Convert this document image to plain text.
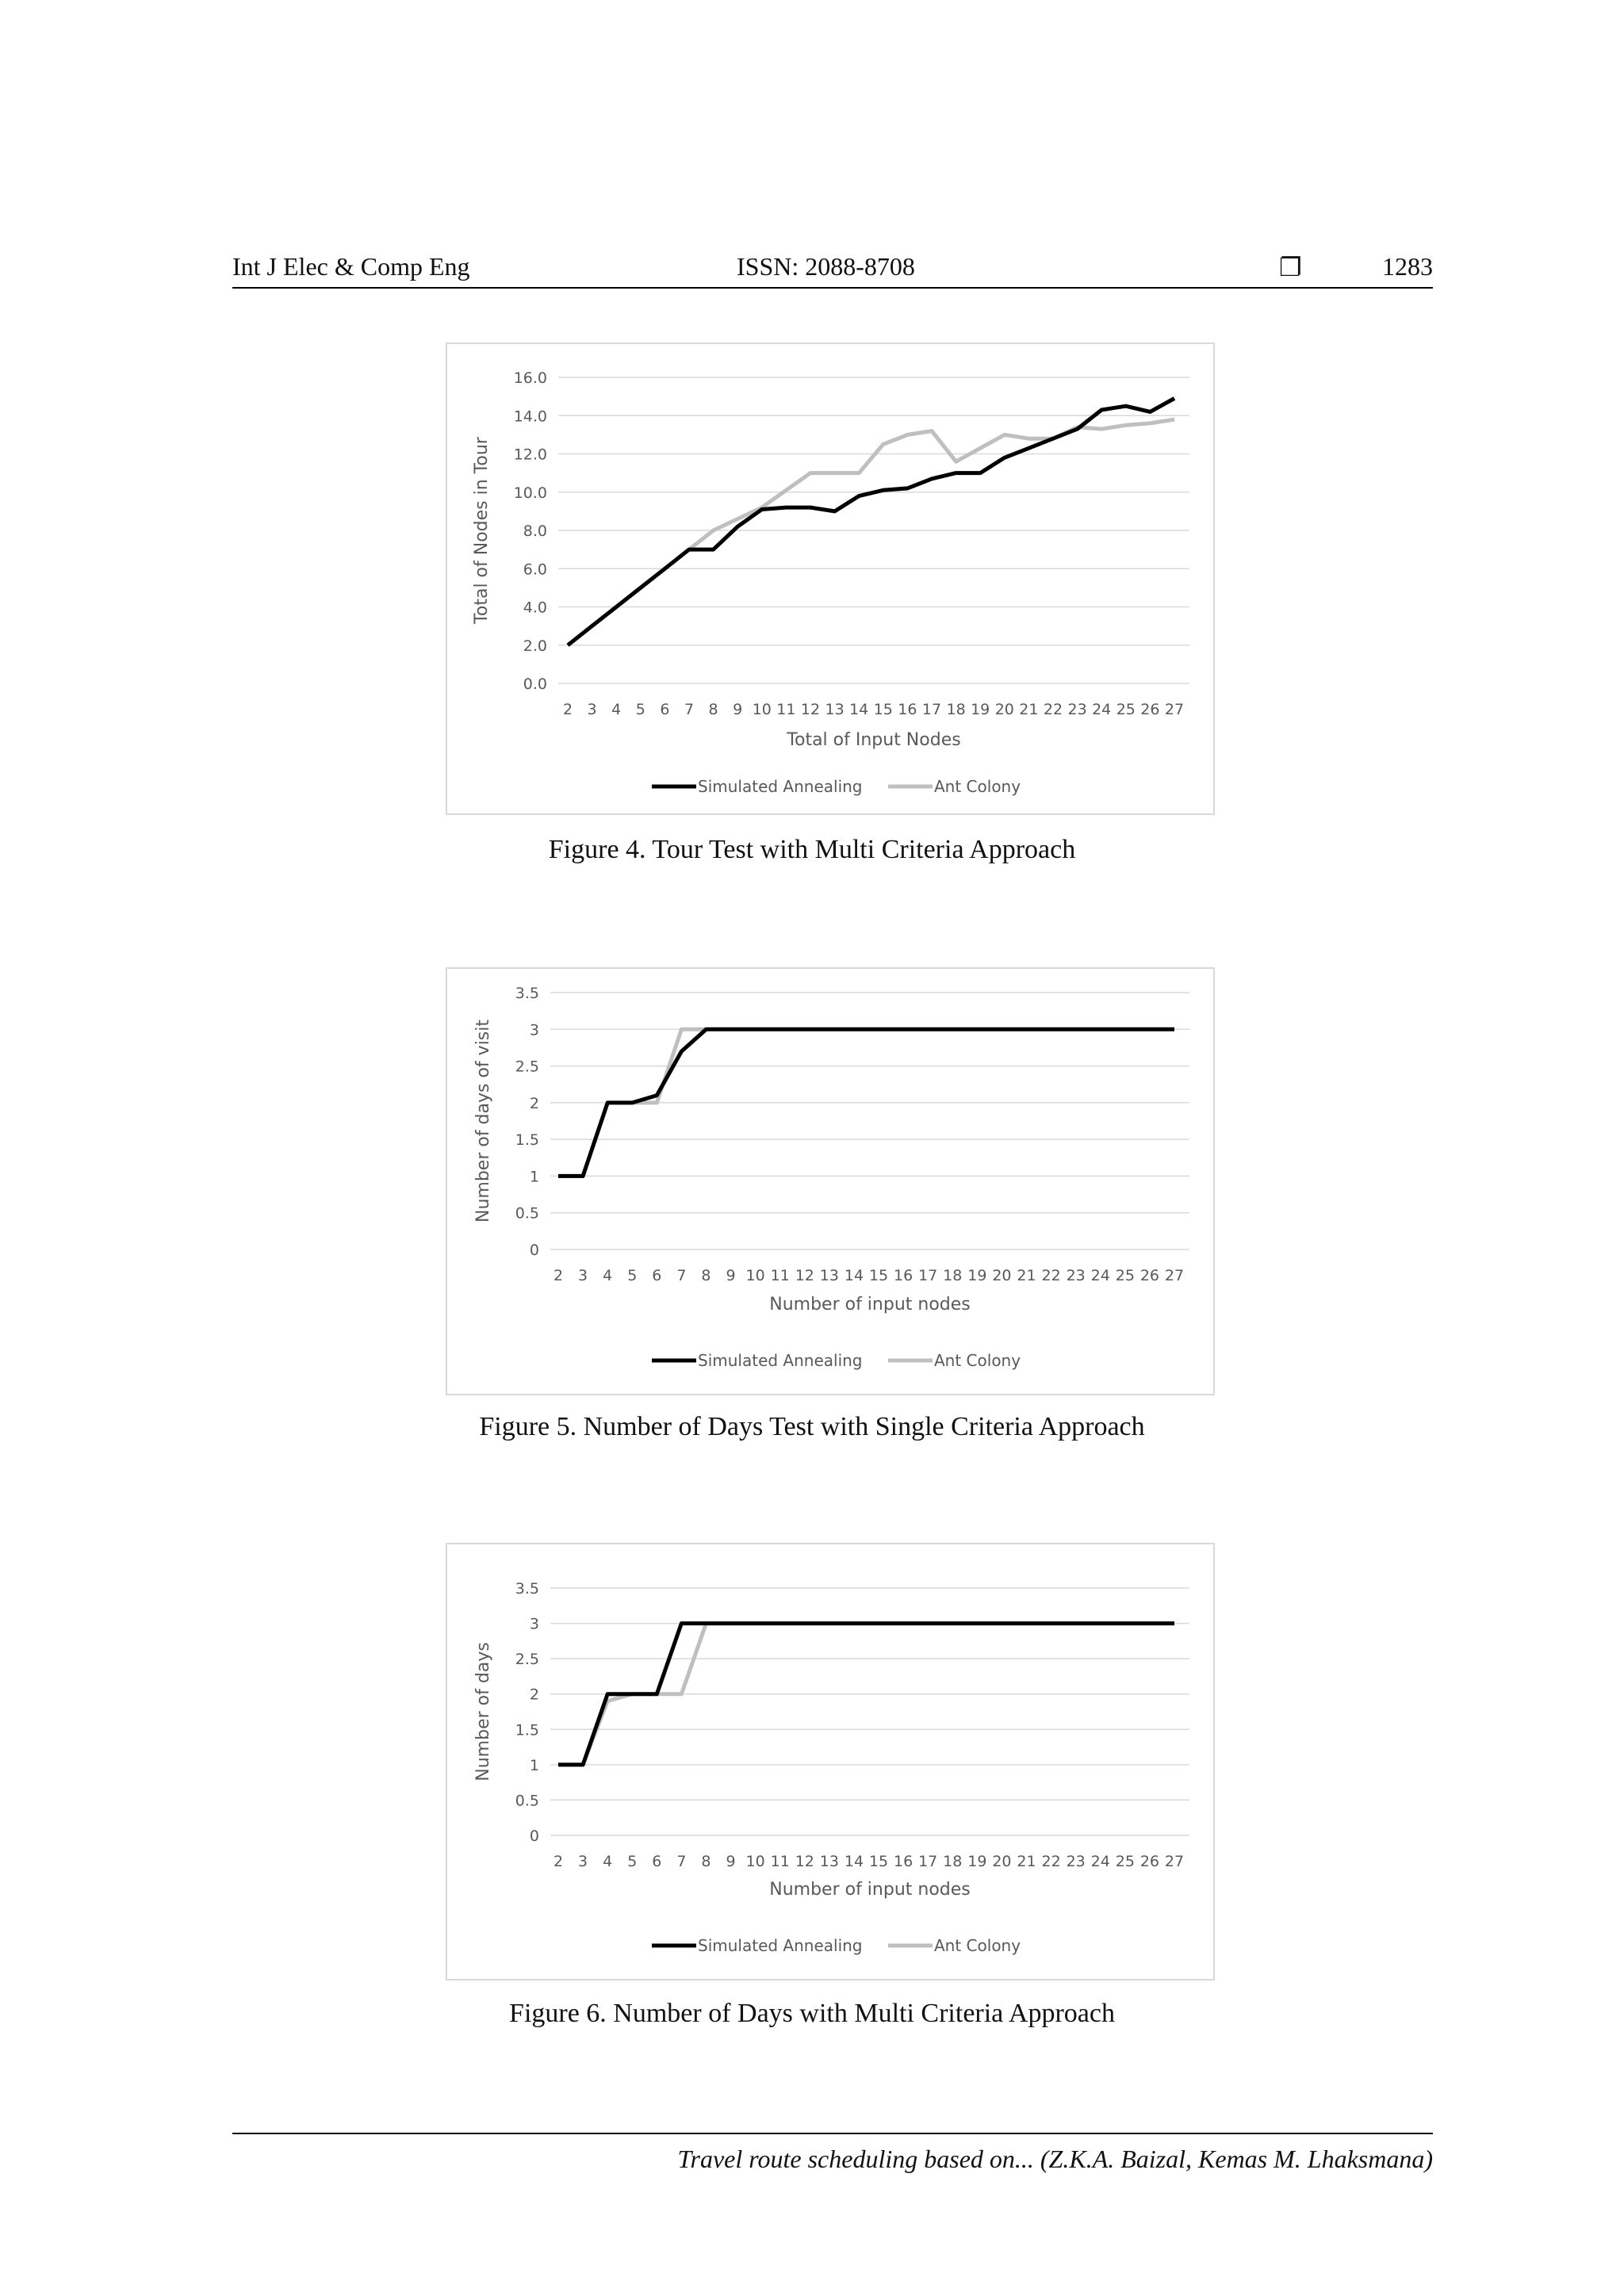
Int J Elec & Comp Eng	ISSN: 2088-8708	❐	1283
0.0
2.0
4.0
6.0
8.0
10.0
12.0
14.0
16.0
2 3 4 5 6 7 8 9 10 11 12 13 14 15 16 17 18 19 20 21 22 23 24 25 26 27
Total of Input Nodes
Total of Nodes in Tour
Simulated Annealing	Ant Colony
Figure 4. Tour Test with Multi Criteria Approach
0
0.5
1
1.5
2
2.5
3
3.5
2 3 4 5 6 7 8 9 10 11 12 13 14 15 16 17 18 19 20 21 22 23 24 25 26 27
Number of input nodes
Number of days of visit
Simulated Annealing	Ant Colony
Figure 5. Number of Days Test with Single Criteria Approach
0
0.5
1
1.5
2
2.5
3
3.5
2 3 4 5 6 7 8 9 10 11 12 13 14 15 16 17 18 19 20 21 22 23 24 25 26 27
Number of input nodes
Number of days
Simulated Annealing	Ant Colony
Figure 6. Number of Days with Multi Criteria Approach
Travel route scheduling based on... (Z.K.A. Baizal, Kemas M. Lhaksmana)
